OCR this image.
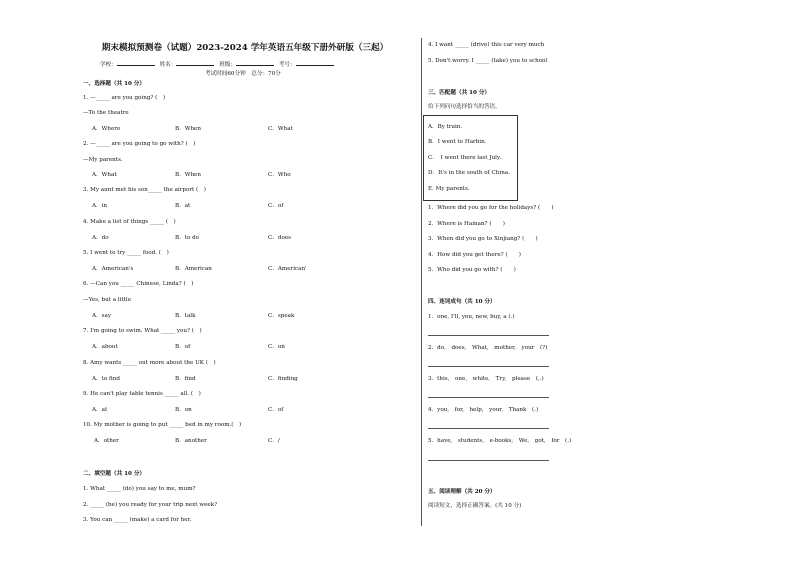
期末模拟预测卷（试题）2023-2024 学年英语五年级下册外研版（三起）
学校：	姓名：	班级：	考号：
考试时间60分钟　总分：70分
一、选择题（共 10 分）
1. —_____ are you going? (　)
—To the theatre
A．Where	B．When	C．What
2. —_____ are you going to go with? (　)
—My parents.
A．What	B．When	C．Who
3. My aunt met his son_____ the airport (　)
A．in	B．at	C．of
4. Make a list of things _____ (　)
A．do	B．to do	C．does
5. I went to try _____ food. (　)
A．American's	B．American	C．American'
6. —Can you _____ Chinese, Linda? (　)
—Yes, but a little
A．say	B．talk	C．speak
7. I'm going to swim. What _____ you? (　)
A．about	B．of	C．on
8. Amy wants _____ out more about the UK (　)
A．to find	B．find	C．finding
9. He can't play table tennis _____ all. (　)
A．at	B．on	C．of
10. My mother is going to put _____ bed in my room.(　)
A．other	B．another	C．/
二、填空题（共 10 分）
1. What _____ (do) you say to me, mum?
2. _____ (be) you ready for your trip next week?
3. You can _____ (make) a card for her.
4. I want _____ (drive) this car very much
5. Don't worry. I _____ (take) you to school
三、匹配题（共 10 分）
给下列问句选择恰当的答语。
A．By train.
B．I went to Harbin.
C．　I went there last July.
D．It's in the south of China.
E. My parents.
1．Where did you go for the holidays? (　　)
2．Where is Hainan? (　　)
3．When did you go to Xinjiang? (　　)
4．How did you get there? (　　)
5．Who did you go with? (　　)
四、连词成句（共 10 分）
1．one, I'll, you, new, buy, a (.)
2．do,　does,　What,　mother,　your　(?)
3．this,　one,　white,　Try,　please　(,.)
4．you,　for,　help,　your,　Thank　(.)
5．have,　students,　e-books,　We,　got,　for　(.)
五、阅读理解（共 20 分）
阅读短文，选择正确答案。(共 10 分)
